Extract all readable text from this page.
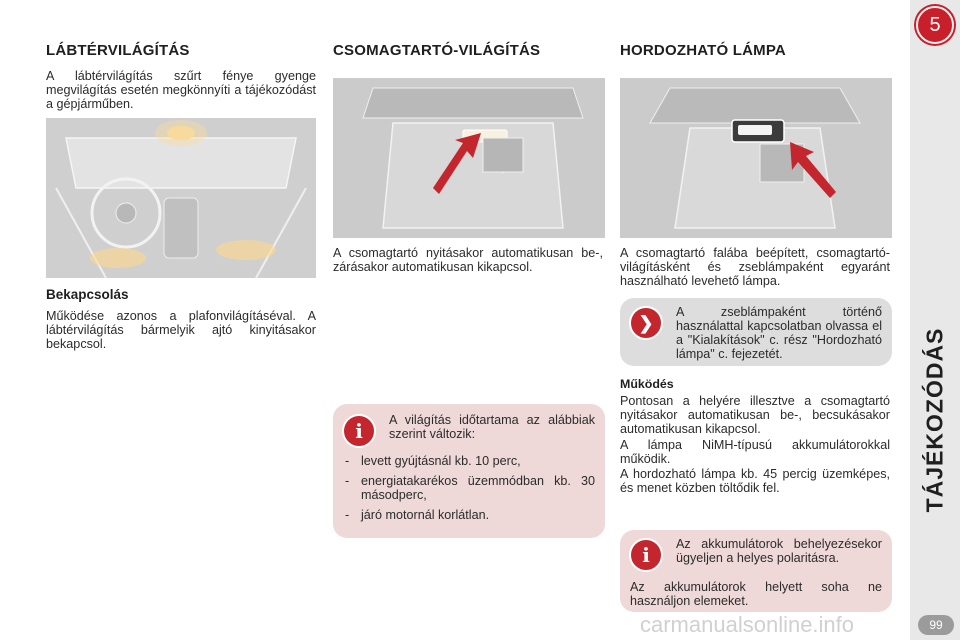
LÁBTÉRVILÁGÍTÁS

A lábtérvilágítás szűrt fénye gyenge megvilágítás esetén megkönnyíti a tájékozódást a gépjárműben.

Bekapcsolás

Működése azonos a plafonvilágításéval. A lábtérvilágítás bármelyik ajtó kinyitásakor bekapcsol.

CSOMAGTARTÓ-VILÁGÍTÁS

A csomagtartó nyitásakor automatikusan be-, zárásakor automatikusan kikapcsol.

i	A világítás időtartama az alábbiak szerint változik:

- levett gyújtásnál kb. 10 perc,
- energiatakarékos üzemmódban kb. 30 másodperc,
- járó motornál korlátlan.
HORDOZHATÓ LÁMPA

A csomagtartó falába beépített, csomagtartó-világításként és zseblámpaként egyaránt használható levehető lámpa.

❯

A zseblámpaként történő használattal kapcsolatban olvassa el a "Kialakítások" c. rész "Hordozható lámpa" c. fejezetét.

Működés

Pontosan a helyére illesztve a csomagtartó nyitásakor automatikusan be-, becsukásakor automatikusan kikapcsol.

A lámpa NiMH-típusú akkumulátorokkal működik.

A hordozható lámpa kb. 45 percig üzemképes, és menet közben töltődik fel.

i	Az akkumulátorok behelyezésekor ügyeljen a helyes polaritásra.

Az akkumulátorok helyett soha ne használjon elemeket.

5
TÁJÉKOZÓDÁS
99
carmanualsonline.info
